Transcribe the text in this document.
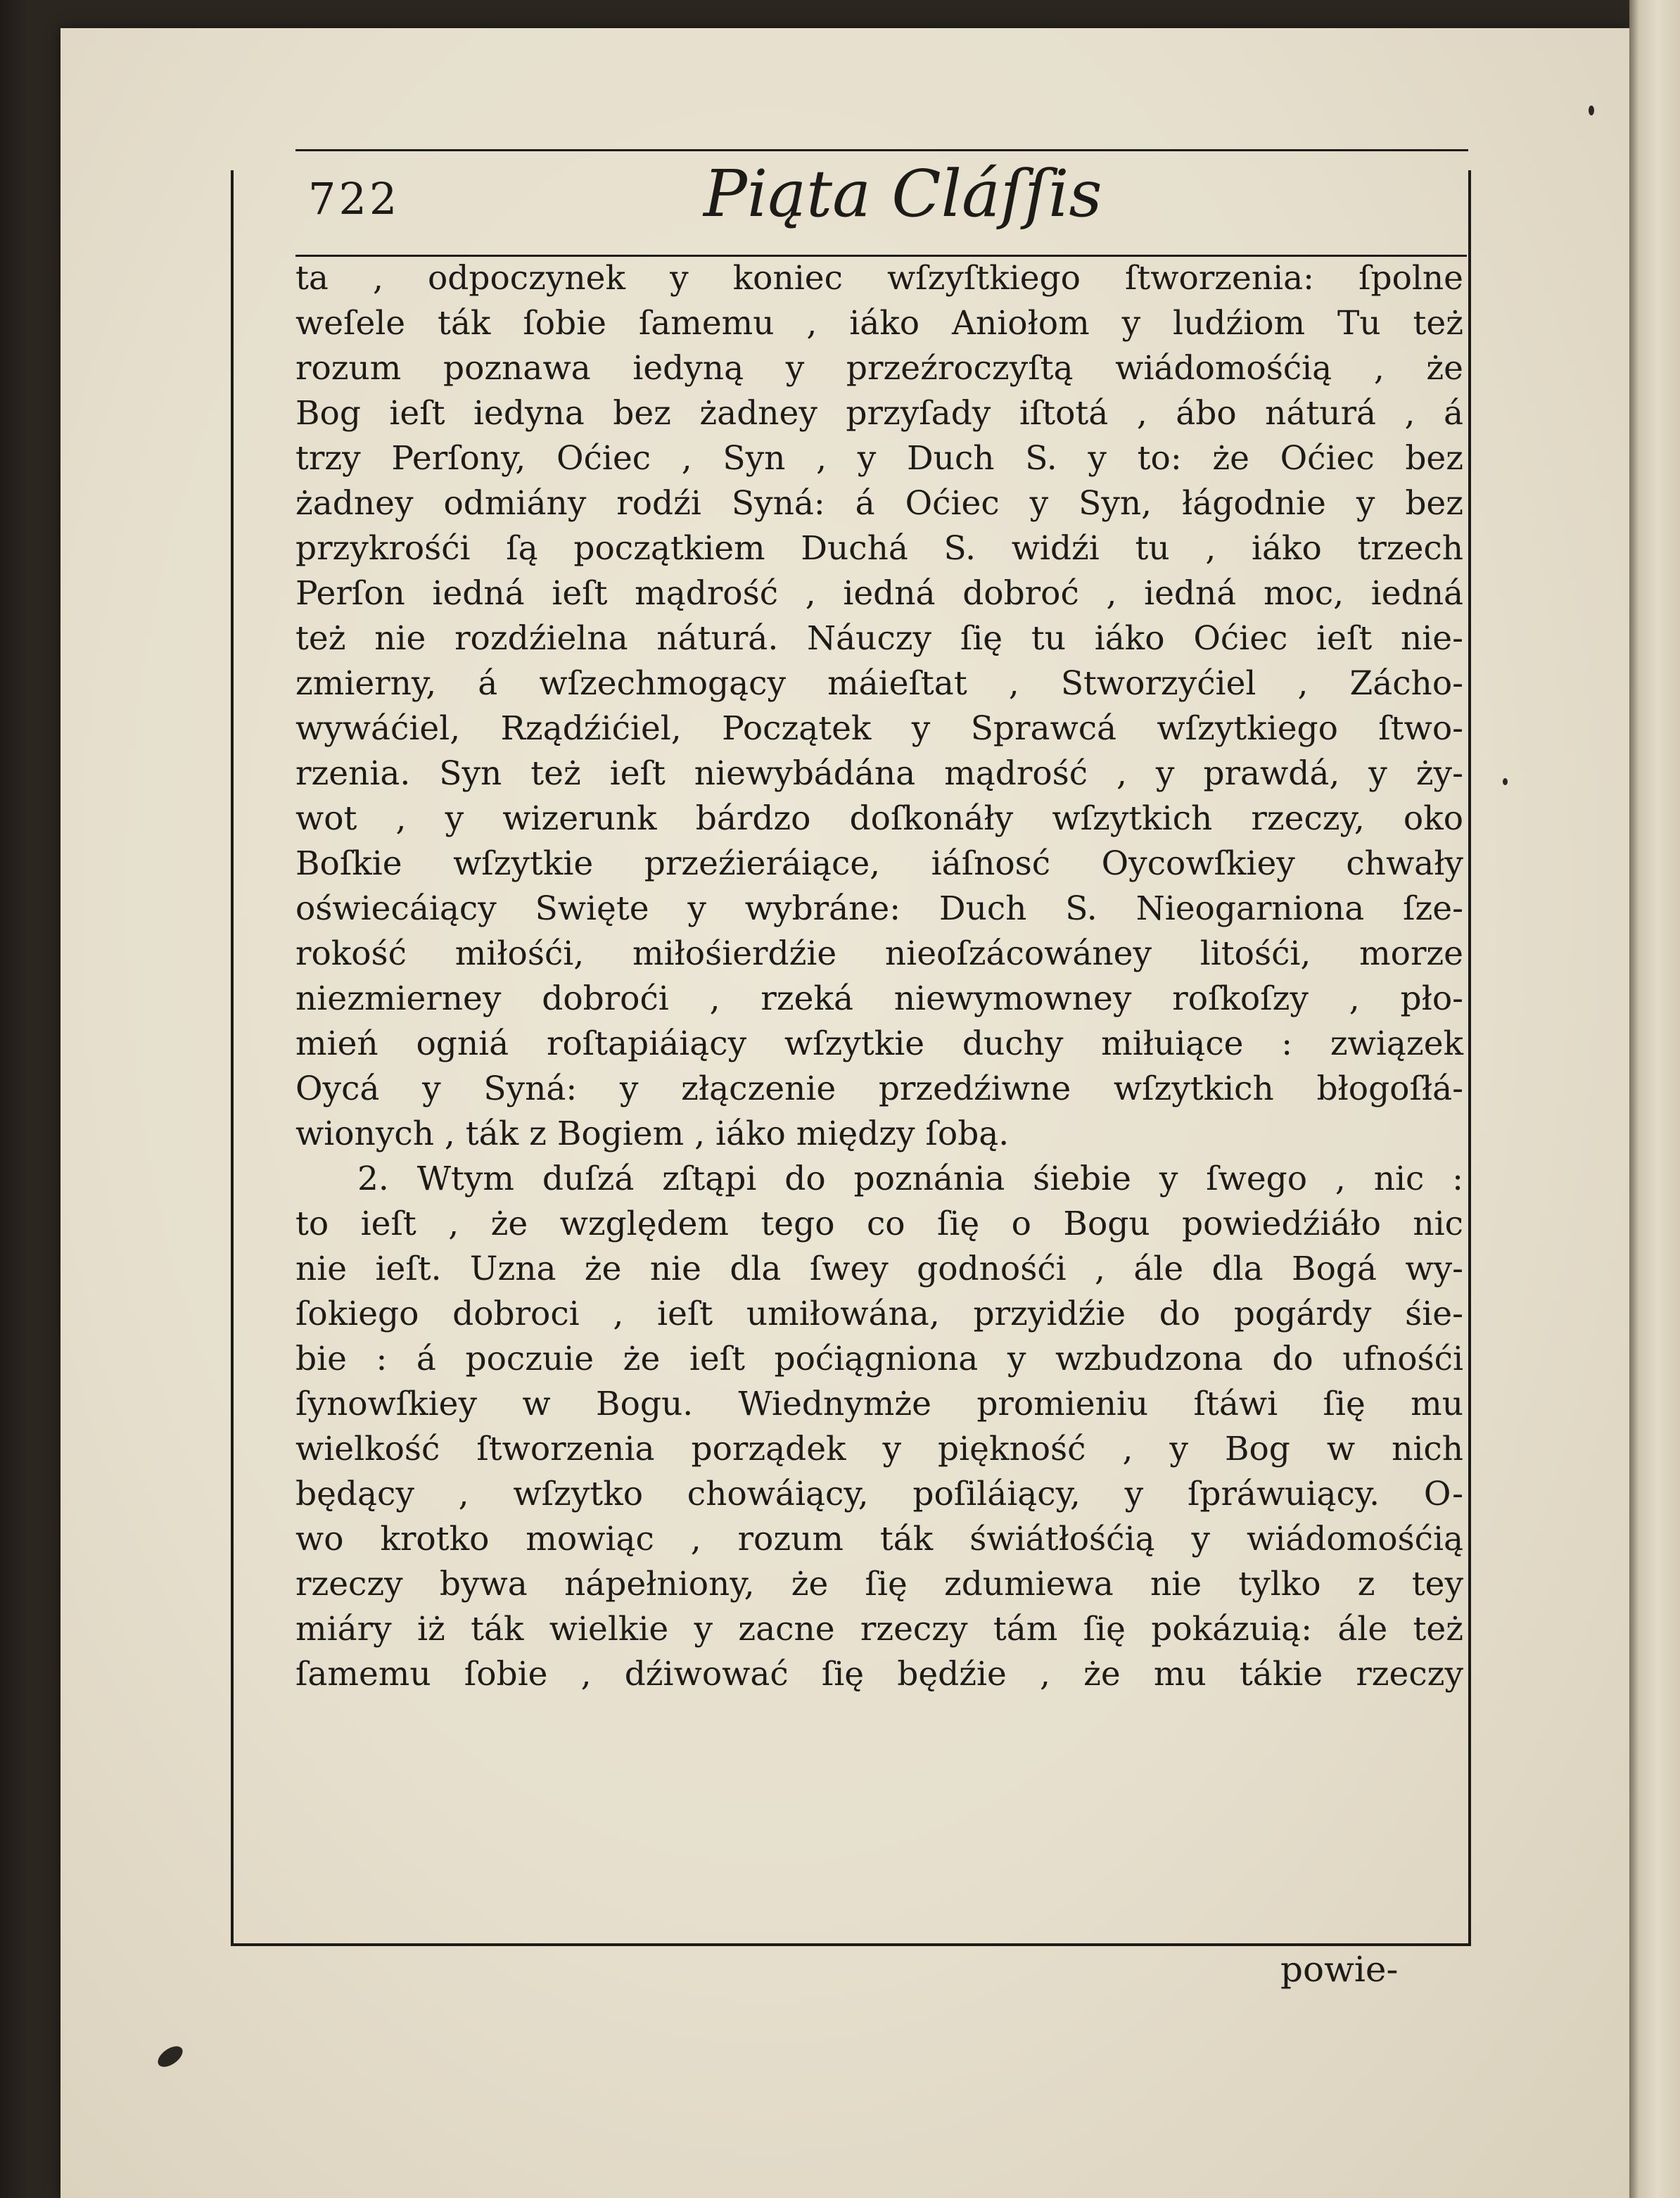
722	Piąta Cláſſis
ta , odpoczynek y koniec wſzyſtkiego ſtworzenia: ſpolne
weſele ták ſobie ſamemu , iáko Aniołom y ludźiom Tu też
rozum poznawa iedyną y przeźroczyſtą wiádomośćią , że
Bog ieſt iedyna bez żadney przyſady iſtotá , ábo náturá , á
trzy Perſony, Oćiec , Syn , y Duch S. y to: że Oćiec bez
żadney odmiány rodźi Syná: á Oćiec y Syn, łágodnie y bez
przykrośći ſą początkiem Duchá S. widźi tu , iáko trzech
Perſon iedná ieſt mądrość , iedná dobroć , iedná moc, iedná
też nie rozdźielna náturá. Náuczy ſię tu iáko Oćiec ieſt nie-
zmierny, á wſzechmogący máieſtat , Stworzyćiel , Zácho-
wywáćiel, Rządźićiel, Początek y Sprawcá wſzytkiego ſtwo-
rzenia. Syn też ieſt niewybádána mądrość , y prawdá, y ży-
wot , y wizerunk bárdzo doſkonáły wſzytkich rzeczy, oko
Boſkie wſzytkie przeźieráiące, iáſnosć Oycowſkiey chwały
oświecáiący Swięte y wybráne: Duch S. Nieogarniona ſze-
rokość miłośći, miłośierdźie nieoſzácowáney litośći, morze
niezmierney dobroći , rzeká niewymowney roſkoſzy , pło-
mień ogniá roſtapiáiący wſzytkie duchy miłuiące : związek
Oycá y Syná: y złączenie przedźiwne wſzytkich błogoſłá-
wionych , ták z Bogiem , iáko między ſobą.
2. Wtym duſzá zſtąpi do poznánia śiebie y ſwego , nic :
to ieſt , że względem tego co ſię o Bogu powiedźiáło nic
nie ieſt. Uzna że nie dla ſwey godnośći , ále dla Bogá wy-
ſokiego dobroci , ieſt umiłowána, przyidźie do pogárdy śie-
bie : á poczuie że ieſt poćiągniona y wzbudzona do ufnośći
ſynowſkiey w Bogu. Wiednymże promieniu ſtáwi ſię mu
wielkość ſtworzenia porządek y piękność , y Bog w nich
będący , wſzytko chowáiący, poſiláiący, y ſpráwuiący. O-
wo krotko mowiąc , rozum ták świátłośćią y wiádomośćią
rzeczy bywa nápełniony, że ſię zdumiewa nie tylko z tey
miáry iż ták wielkie y zacne rzeczy tám ſię pokázuią: ále też
ſamemu ſobie , dźiwować ſię będźie , że mu tákie rzeczy
powie-
